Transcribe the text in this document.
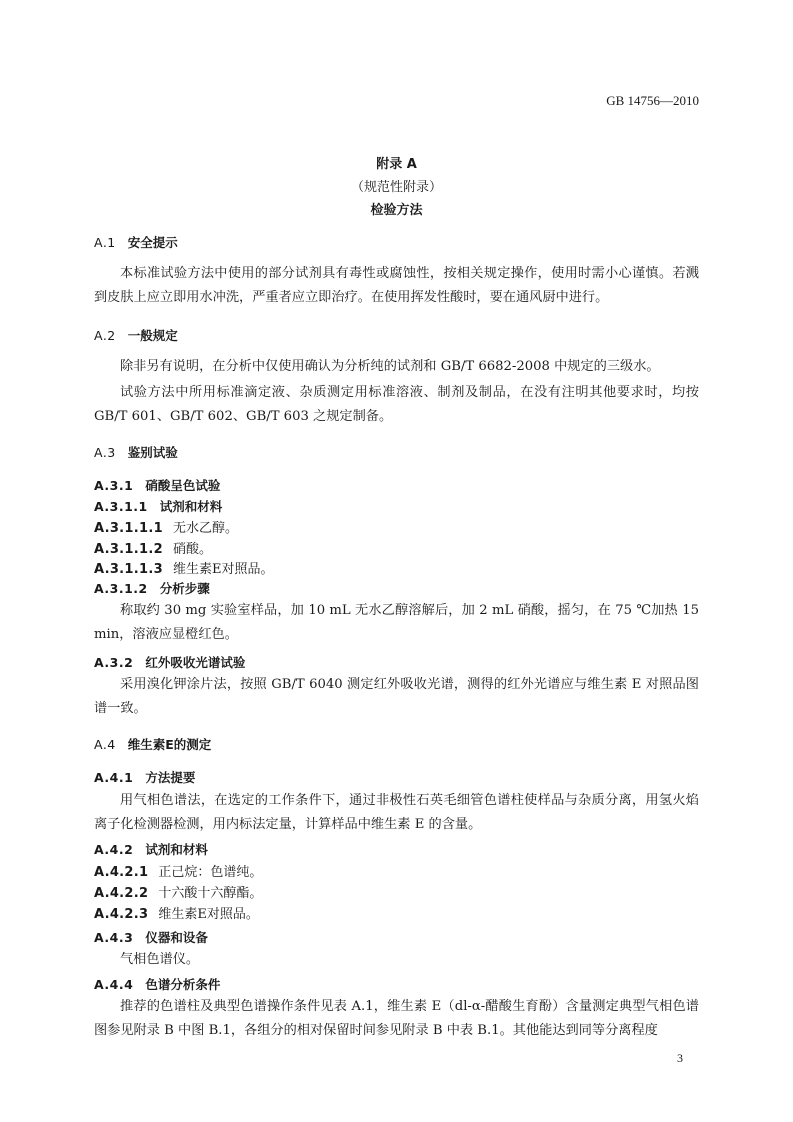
GB 14756—2010
附录 A
（规范性附录）
检验方法
A.1 安全提示
本标准试验方法中使用的部分试剂具有毒性或腐蚀性，按相关规定操作，使用时需小心谨慎。若溅到皮肤上应立即用水冲洗，严重者应立即治疗。在使用挥发性酸时，要在通风厨中进行。
A.2 一般规定
除非另有说明，在分析中仅使用确认为分析纯的试剂和 GB/T 6682-2008 中规定的三级水。
试验方法中所用标准滴定液、杂质测定用标准溶液、制剂及制品，在没有注明其他要求时，均按 GB/T 601、GB/T 602、GB/T 603 之规定制备。
A.3 鉴别试验
A.3.1 硝酸呈色试验
A.3.1.1 试剂和材料
A.3.1.1.1 无水乙醇。
A.3.1.1.2 硝酸。
A.3.1.1.3 维生素E对照品。
A.3.1.2 分析步骤
称取约 30 mg 实验室样品，加 10 mL 无水乙醇溶解后，加 2 mL 硝酸，摇匀，在 75 ℃加热 15 min，溶液应显橙红色。
A.3.2 红外吸收光谱试验
采用溴化钾涂片法，按照 GB/T 6040 测定红外吸收光谱，测得的红外光谱应与维生素 E 对照品图谱一致。
A.4 维生素E的测定
A.4.1 方法提要
用气相色谱法，在选定的工作条件下，通过非极性石英毛细管色谱柱使样品与杂质分离，用氢火焰离子化检测器检测，用内标法定量，计算样品中维生素 E 的含量。
A.4.2 试剂和材料
A.4.2.1 正己烷：色谱纯。
A.4.2.2 十六酸十六醇酯。
A.4.2.3 维生素E对照品。
A.4.3 仪器和设备
气相色谱仪。
A.4.4 色谱分析条件
推荐的色谱柱及典型色谱操作条件见表 A.1，维生素 E（dl-α-醋酸生育酚）含量测定典型气相色谱图参见附录 B 中图 B.1，各组分的相对保留时间参见附录 B 中表 B.1。其他能达到同等分离程度
3
